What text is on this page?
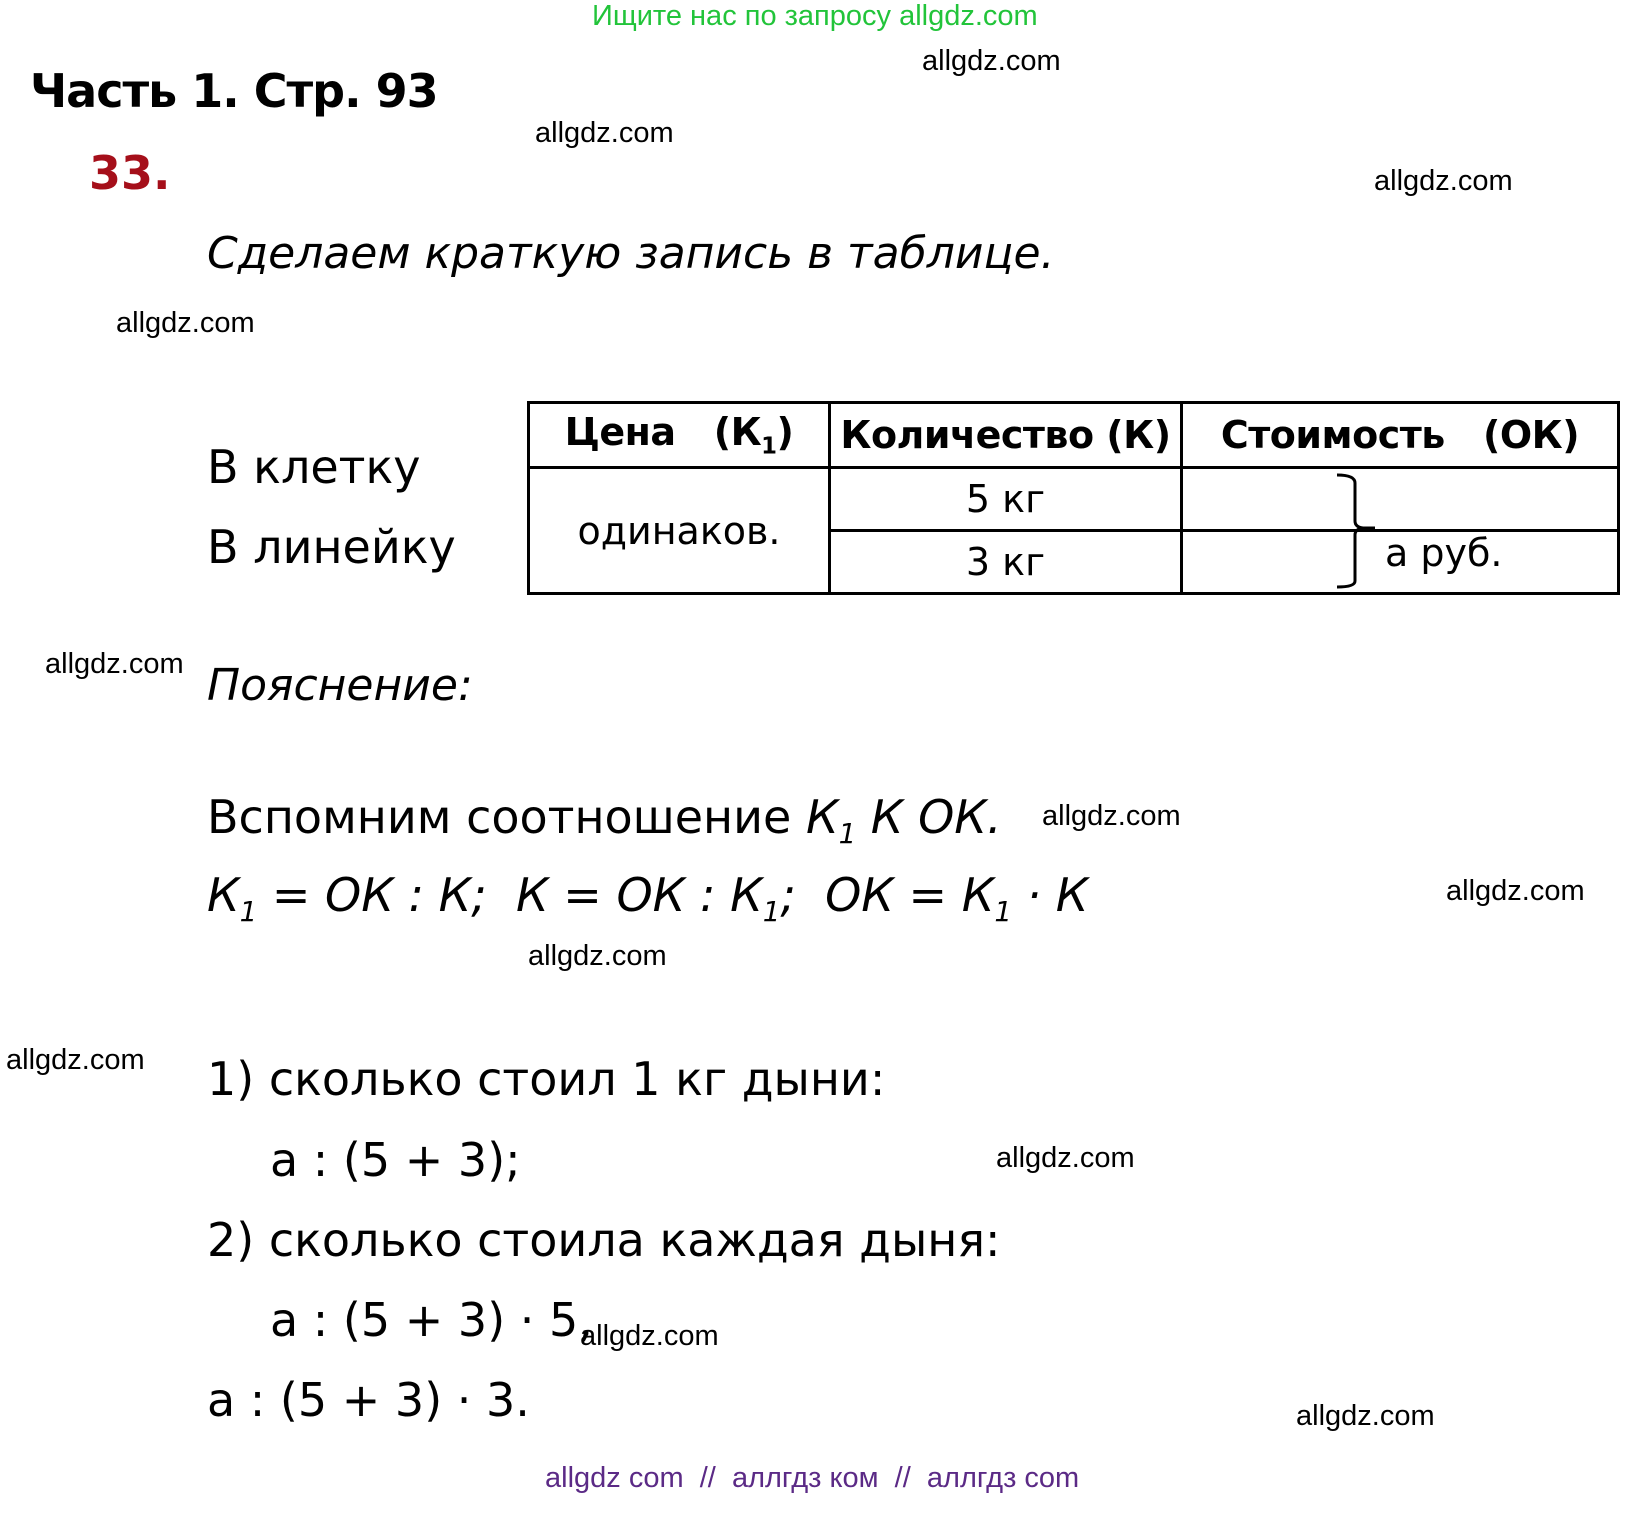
Ищите нас по запросу allgdz.com
allgdz.com
allgdz.com
allgdz.com
allgdz.com
allgdz.com
allgdz.com
allgdz.com
allgdz.com
allgdz.com
allgdz.com
allgdz.com
allgdz.com
Часть 1. Стр. 93
33.
Сделаем краткую запись в таблице.
В клетку
В линейку
Цена $(К_1)$	Количество (К)	Стоимость (ОК)
одинаков.	5 кг	
	3 кг		а руб.
Пояснение:
Вспомним соотношение $К_1$ К ОК.
$К_1$ = ОК : К;  К = ОК : $К_1$;  ОК = $К_1 \cdot К$
1) сколько стоил 1 кг дыни:
а : (5 + 3);
2) сколько стоила каждая дыня:
а : (5 + 3) · 5,
а : (5 + 3) · 3.
allgdz com  //  аллгдз ком  //  аллгдз com
